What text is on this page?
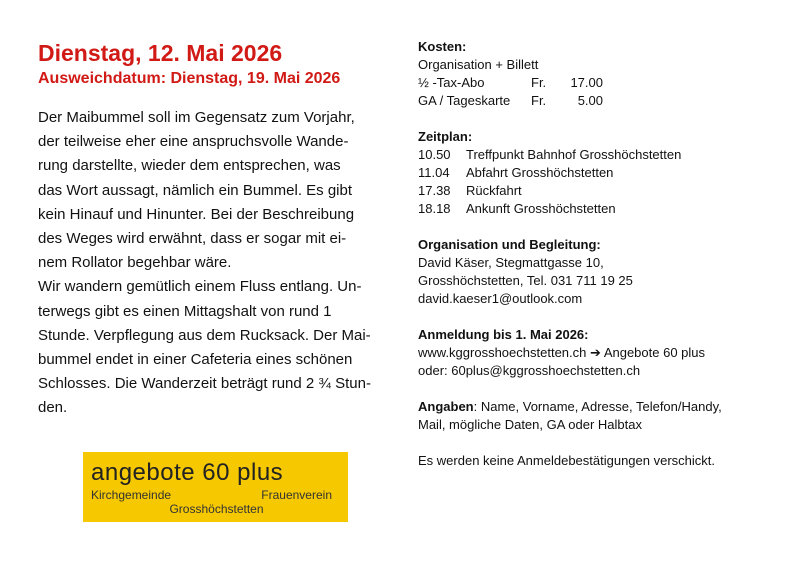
Dienstag, 12. Mai 2026
Ausweichdatum: Dienstag, 19. Mai 2026

Der Maibummel soll im Gegensatz zum Vorjahr,

der teilweise eher eine anspruchsvolle Wande-

rung darstellte, wieder dem entsprechen, was

das Wort aussagt, nämlich ein Bummel. Es gibt

kein Hinauf und Hinunter. Bei der Beschreibung

des Weges wird erwähnt, dass er sogar mit ei-

nem Rollator begehbar wäre.

Wir wandern gemütlich einem Fluss entlang. Un-

terwegs gibt es einen Mittagshalt von rund 1

Stunde. Verpflegung aus dem Rucksack. Der Mai-

bummel endet in einer Cafeteria eines schönen

Schlosses. Die Wanderzeit beträgt rund 2 ¾ Stun-

den.

angebote 60 plus
Kirchgemeinde	Frauenverein
Grosshöchstetten
Kosten:
Organisation + Billett
½ -Tax-Abo	Fr.	17.00
GA / Tageskarte	Fr.	5.00
Zeitplan:
10.50	Treffpunkt Bahnhof Grosshöchstetten
11.04	Abfahrt Grosshöchstetten
17.38	Rückfahrt
18.18	Ankunft Grosshöchstetten
Organisation und Begleitung:
David Käser, Stegmattgasse 10,
Grosshöchstetten, Tel. 031 711 19 25
david.kaeser1@outlook.com
Anmeldung bis 1. Mai 2026:
www.kggrosshoechstetten.ch ➔ Angebote 60 plus
oder: 60plus@kggrosshoechstetten.ch
Angaben: Name, Vorname, Adresse, Telefon/Handy,
Mail, mögliche Daten, GA oder Halbtax
Es werden keine Anmeldebestätigungen verschickt.
